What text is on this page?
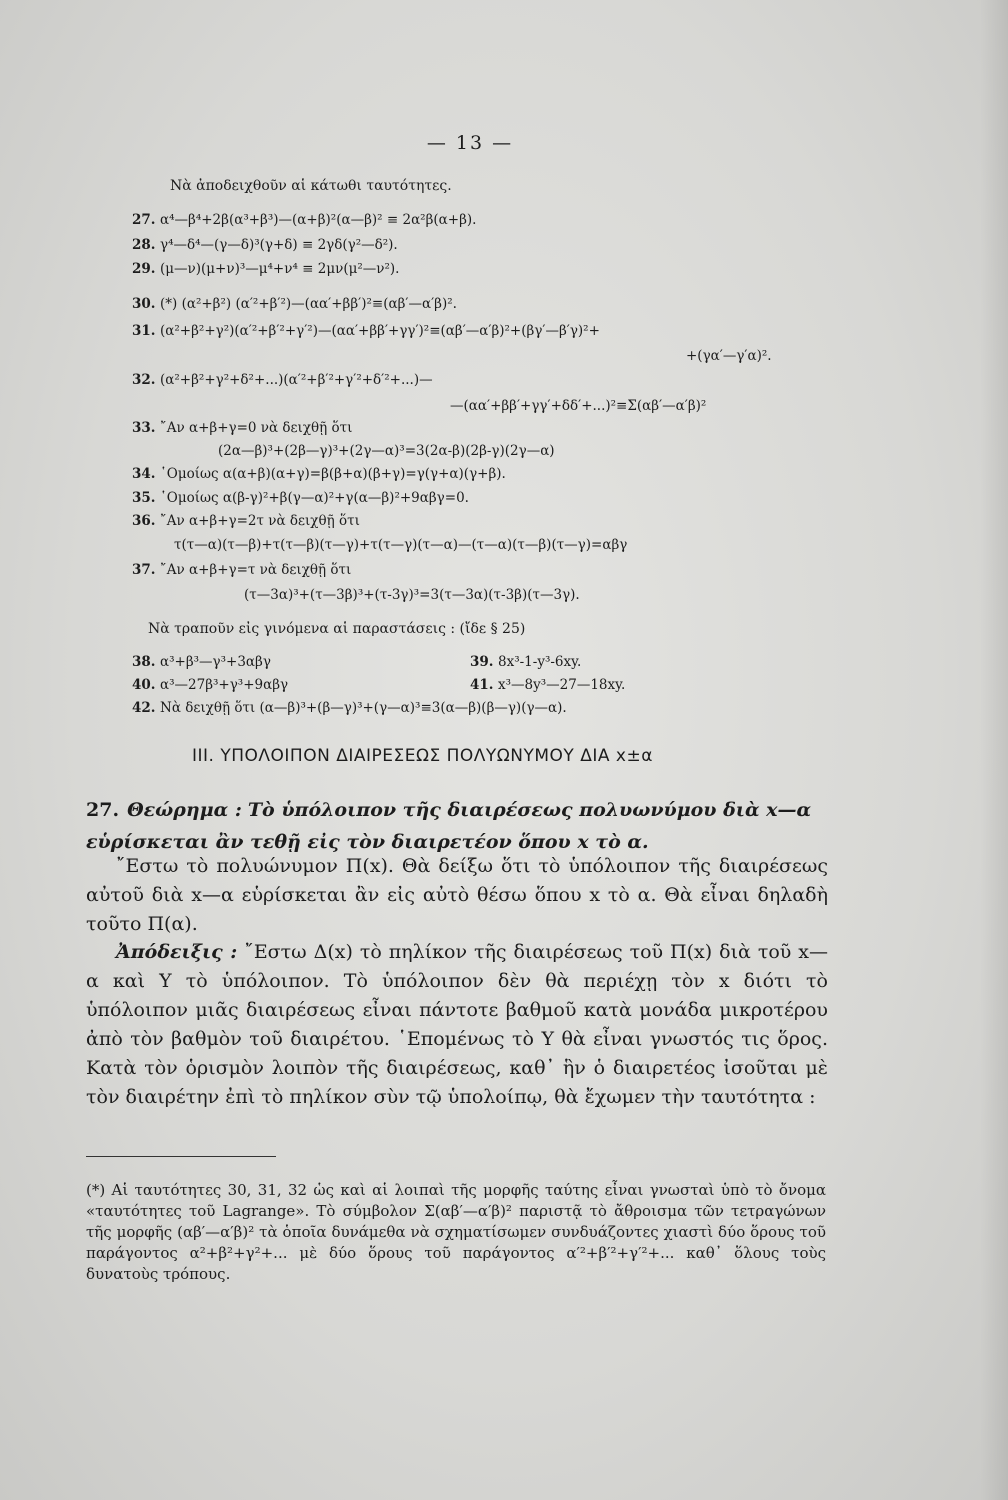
— 13 —
Νὰ ἀποδειχθοῦν αἱ κάτωθι ταυτότητες.
27. α⁴—β⁴+2β(α³+β³)—(α+β)²(α—β)² ≡ 2α²β(α+β).
28. γ⁴—δ⁴—(γ—δ)³(γ+δ) ≡ 2γδ(γ²—δ²).
29. (μ—ν)(μ+ν)³—μ⁴+ν⁴ ≡ 2μν(μ²—ν²).
30. (*) (α²+β²) (α′²+β′²)—(αα′+ββ′)²≡(αβ′—α′β)².
31. (α²+β²+γ²)(α′²+β′²+γ′²)—(αα′+ββ′+γγ′)²≡(αβ′—α′β)²+(βγ′—β′γ)²+
+(γα′—γ′α)².
32. (α²+β²+γ²+δ²+...)(α′²+β′²+γ′²+δ′²+...)—
—(αα′+ββ′+γγ′+δδ′+...)²≡Σ(αβ′—α′β)²
33. ῎Αν α+β+γ=0 νὰ δειχθῇ ὅτι
(2α—β)³+(2β—γ)³+(2γ—α)³=3(2α-β)(2β-γ)(2γ—α)
34. ῾Ομοίως α(α+β)(α+γ)=β(β+α)(β+γ)=γ(γ+α)(γ+β).
35. ῾Ομοίως α(β-γ)²+β(γ—α)²+γ(α—β)²+9αβγ=0.
36. ῎Αν α+β+γ=2τ νὰ δειχθῇ ὅτι
τ(τ—α)(τ—β)+τ(τ—β)(τ—γ)+τ(τ—γ)(τ—α)—(τ—α)(τ—β)(τ—γ)=αβγ
37. ῎Αν α+β+γ=τ νὰ δειχθῇ ὅτι
(τ—3α)³+(τ—3β)³+(τ-3γ)³=3(τ—3α)(τ-3β)(τ—3γ).
Νὰ τραποῦν εἰς γινόμενα αἱ παραστάσεις : (ἴδε § 25)
38. α³+β³—γ³+3αβγ	39. 8x³-1-y³-6xy.
40. α³—27β³+γ³+9αβγ	41. x³—8y³—27—18xy.
42. Νὰ δειχθῇ ὅτι (α—β)³+(β—γ)³+(γ—α)³≡3(α—β)(β—γ)(γ—α).
III. ΥΠΟΛΟΙΠΟΝ ΔΙΑΙΡΕΣΕΩΣ ΠΟΛΥΩΝΥΜΟΥ ΔΙΑ x±α
27. Θεώρημα : Τὸ ὑπόλοιπον τῆς διαιρέσεως πολυωνύμου διὰ x—α εὑρίσκεται ἂν τεθῇ εἰς τὸν διαιρετέον ὅπου x τὸ α.
῎Εστω τὸ πολυώνυμον Π(x). Θὰ δείξω ὅτι τὸ ὑπόλοιπον τῆς διαιρέσεως αὐτοῦ διὰ x—α εὑρίσκεται ἂν εἰς αὐτὸ θέσω ὅπου x τὸ α. Θὰ εἶναι δηλαδὴ τοῦτο Π(α).
Ἀπόδειξις : ῎Εστω Δ(x) τὸ πηλίκον τῆς διαιρέσεως τοῦ Π(x) διὰ τοῦ x—α καὶ Υ τὸ ὑπόλοιπον. Τὸ ὑπόλοιπον δὲν θὰ περιέχῃ τὸν x διότι τὸ ὑπόλοιπον μιᾶς διαιρέσεως εἶναι πάντοτε βαθμοῦ κατὰ μονάδα μικροτέρου ἀπὸ τὸν βαθμὸν τοῦ διαιρέτου. ῾Επομένως τὸ Υ θὰ εἶναι γνωστός τις ὅρος. Κατὰ τὸν ὁρισμὸν λοιπὸν τῆς διαιρέσεως, καθ᾿ ἣν ὁ διαιρετέος ἰσοῦται μὲ τὸν διαιρέτην ἐπὶ τὸ πηλίκον σὺν τῷ ὑπολοίπῳ, θὰ ἔχωμεν τὴν ταυτότητα :
(*) Αἱ ταυτότητες 30, 31, 32 ὡς καὶ αἱ λοιπαὶ τῆς μορφῆς ταύτης εἶναι γνωσταὶ ὑπὸ τὸ ὄνομα «ταυτότητες τοῦ Lagrange». Τὸ σύμβολον Σ(αβ′—α′β)² παριστᾷ τὸ ἄθροισμα τῶν τετραγώνων τῆς μορφῆς (αβ′—α′β)² τὰ ὁποῖα δυνάμεθα νὰ σχηματίσωμεν συνδυάζοντες χιαστὶ δύο ὅρους τοῦ παράγοντος α²+β²+γ²+... μὲ δύο ὅρους τοῦ παράγοντος α′²+β′²+γ′²+... καθ᾿ ὅλους τοὺς δυνατοὺς τρόπους.
